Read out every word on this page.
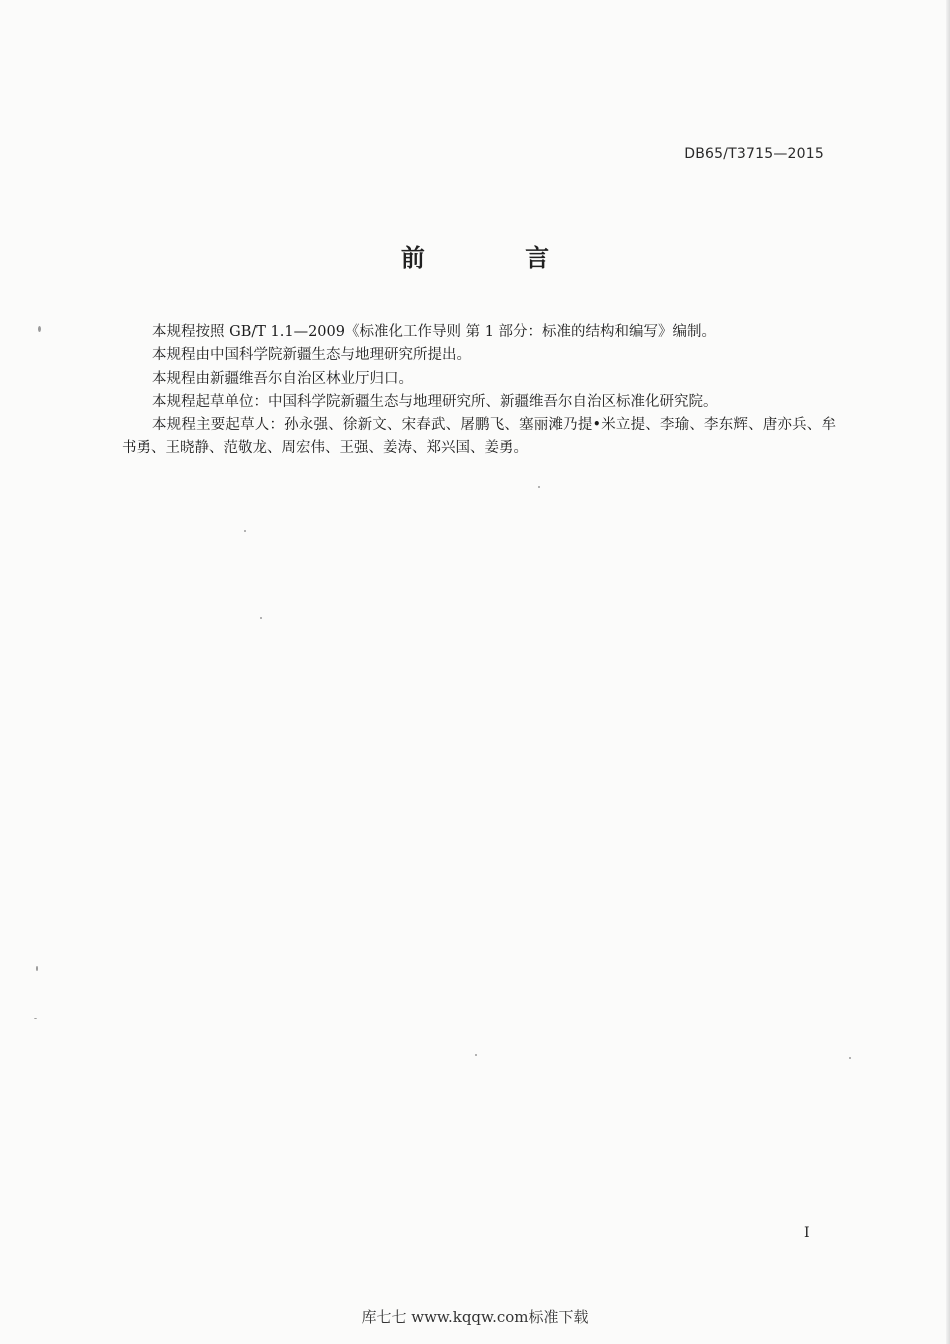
DB65/T3715—2015
前 言

本规程按照 GB/T 1.1—2009《标准化工作导则 第 1 部分：标准的结构和编写》编制。

本规程由中国科学院新疆生态与地理研究所提出。

本规程由新疆维吾尔自治区林业厅归口。

本规程起草单位：中国科学院新疆生态与地理研究所、新疆维吾尔自治区标准化研究院。

本规程主要起草人：孙永强、徐新文、宋春武、屠鹏飞、塞丽滩乃提•米立提、李瑜、李东辉、唐亦兵、牟书勇、王晓静、范敬龙、周宏伟、王强、姜涛、郑兴国、姜勇。

I
库七七 www.kqqw.com标准下载
